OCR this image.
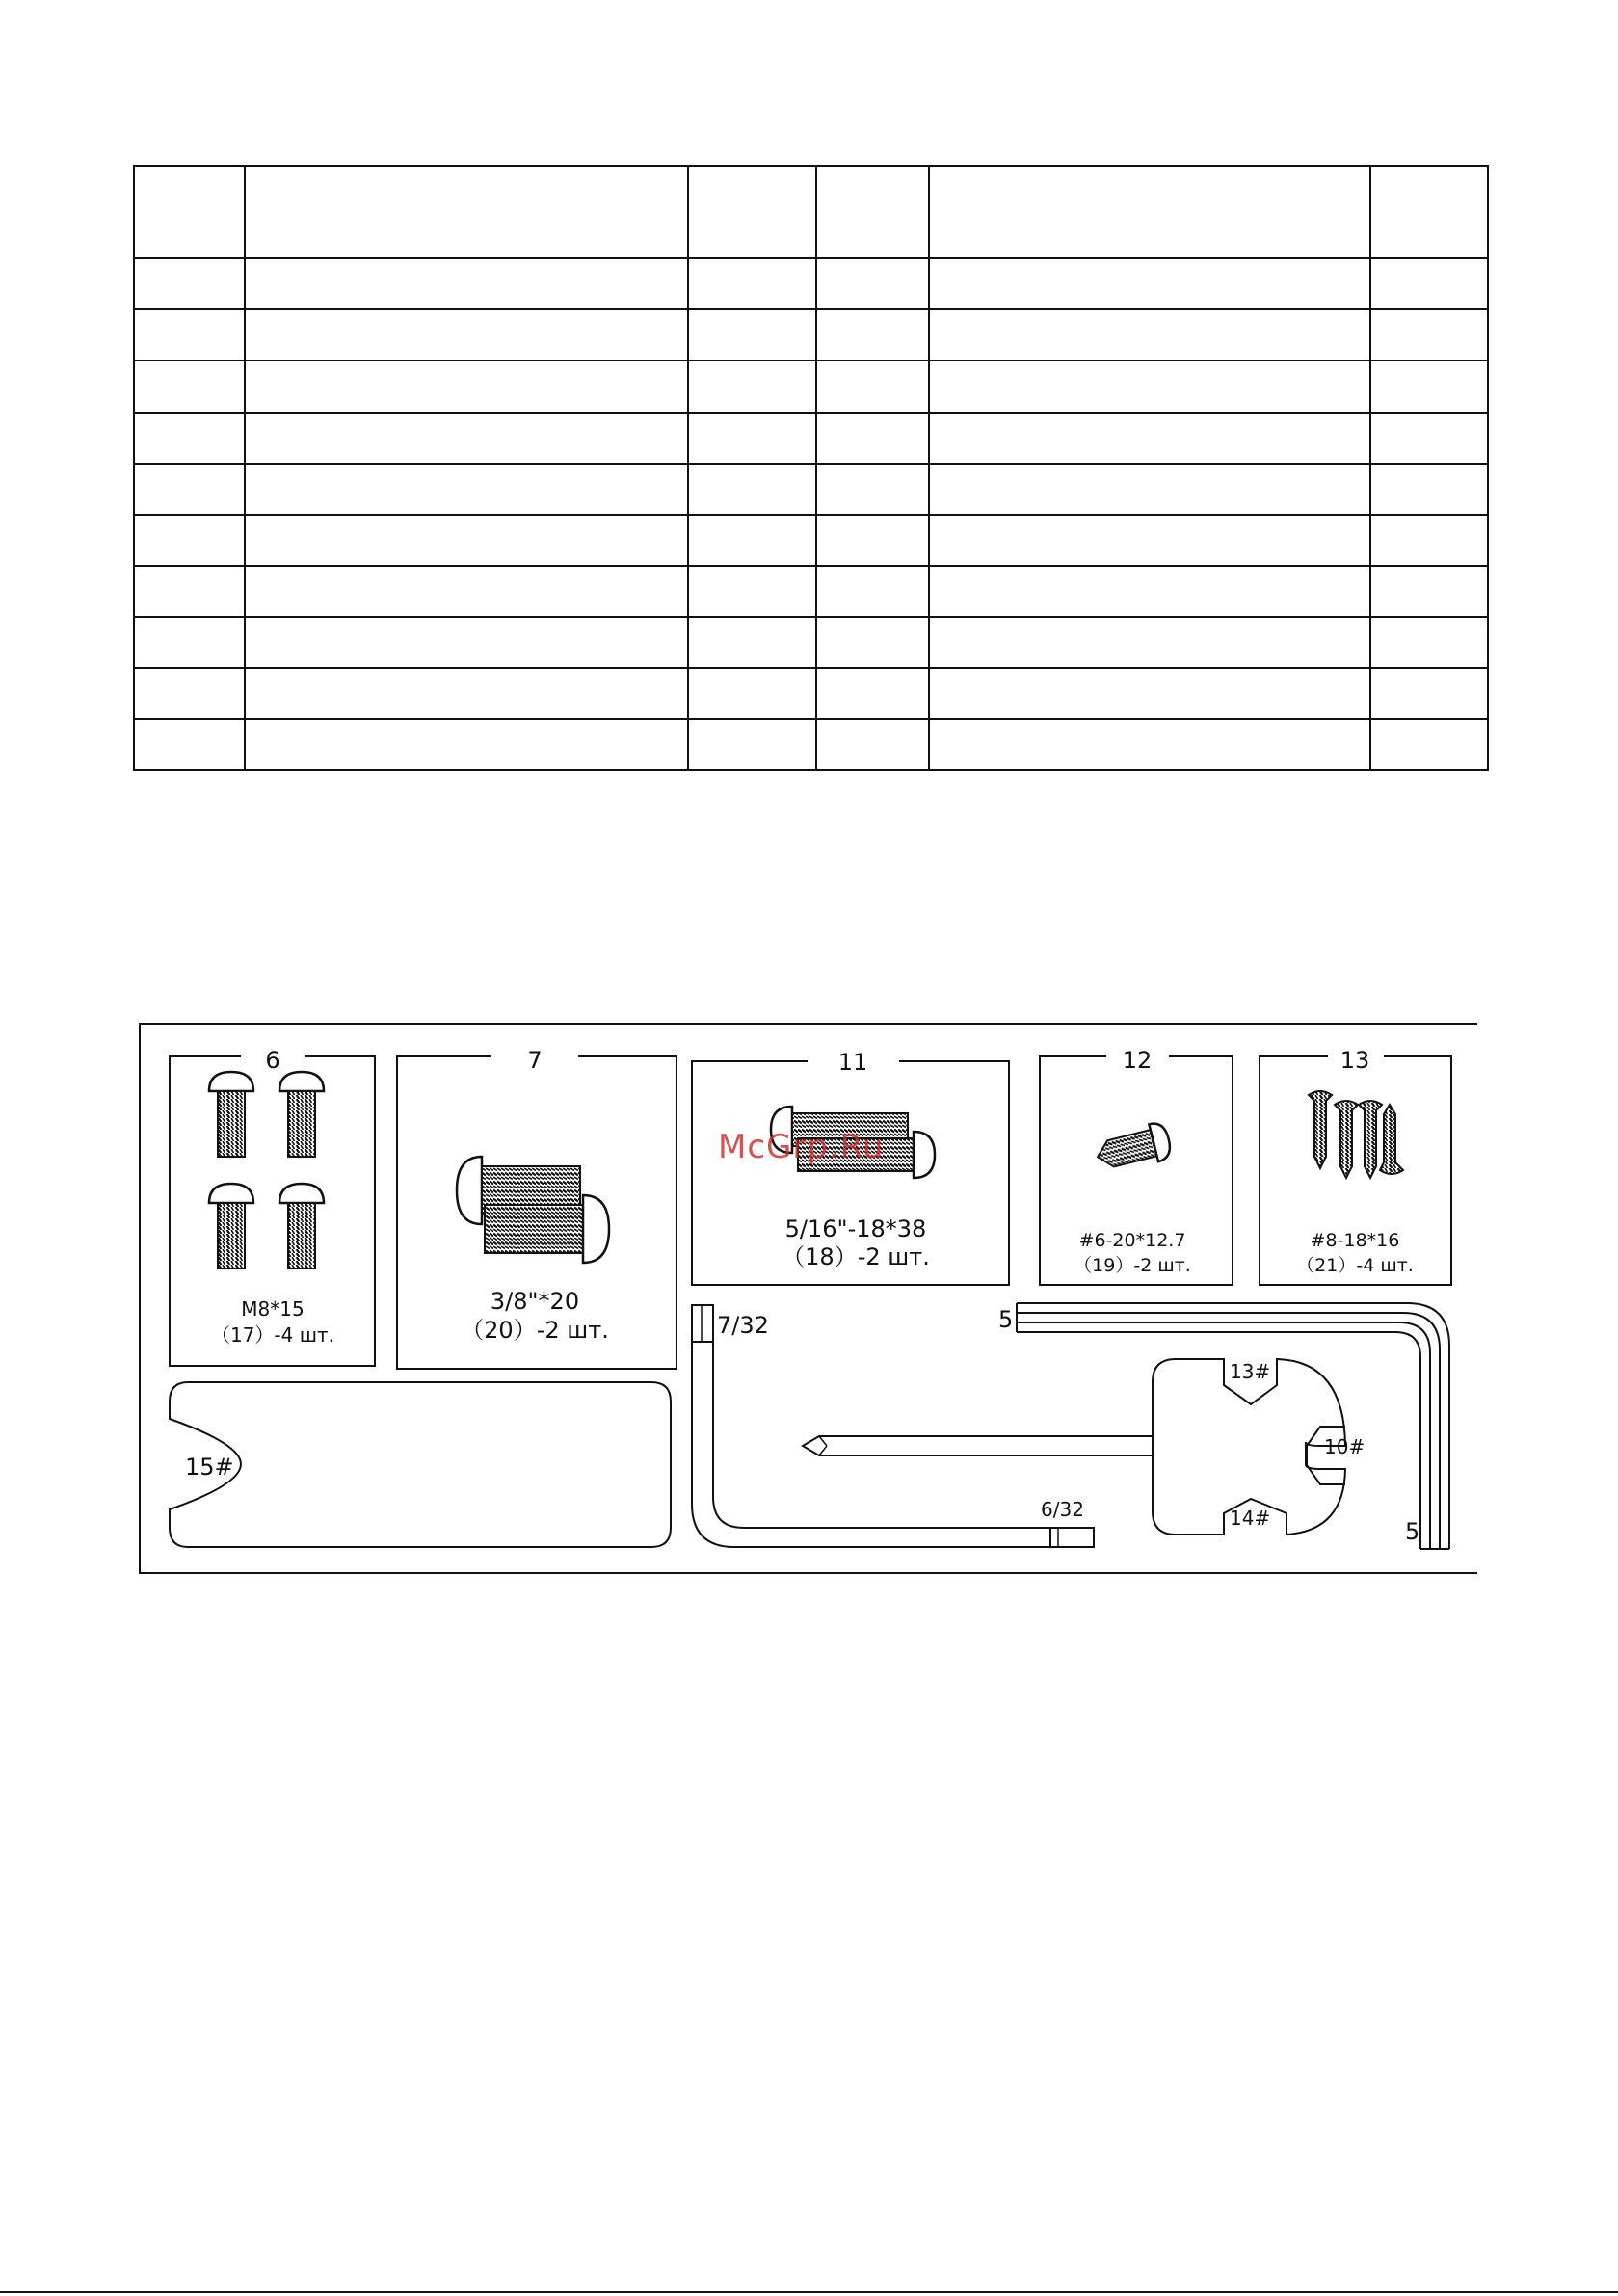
6
M8*15
（17）-4 шт.
7
3/8"*20
（20）-2 шт.
11
5/16"-18*38
（18）-2 шт.
12
#6-20*12.7
（19）-2 шт.
13
#8-18*16
（21）-4 шт.
15#
7/32
6/32
5
5
13#
10#
14#
McGrp.Ru
